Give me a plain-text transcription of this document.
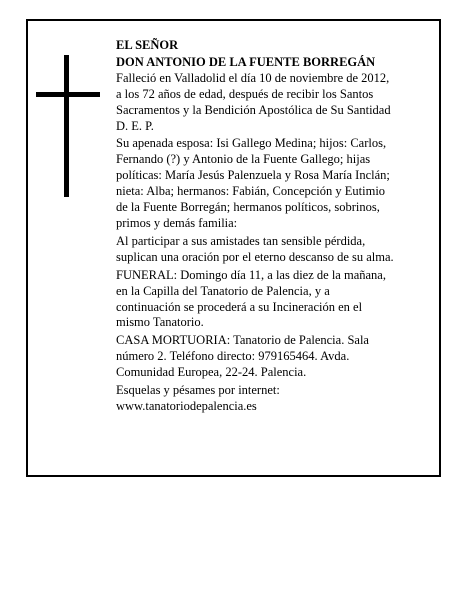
EL SEÑOR

DON ANTONIO DE LA FUENTE BORREGÁN

Falleció en Valladolid el día 10 de noviembre de 2012,
a los 72 años de edad, después de recibir los Santos
Sacramentos y la Bendición Apostólica de Su Santidad
D. E. P.

Su apenada esposa: Isi Gallego Medina; hijos: Carlos,
Fernando (?) y Antonio de la Fuente Gallego; hijas
políticas: María Jesús Palenzuela y Rosa María Inclán;
nieta: Alba; hermanos: Fabián, Concepción y Eutimio
de la Fuente Borregán; hermanos políticos, sobrinos,
primos y demás familia:

Al participar a sus amistades tan sensible pérdida,
suplican una oración por el eterno descanso de su alma.

FUNERAL: Domingo día 11, a las diez de la mañana,
en la Capilla del Tanatorio de Palencia, y a
continuación se procederá a su Incineración en el
mismo Tanatorio.

CASA MORTUORIA: Tanatorio de Palencia. Sala
número 2. Teléfono directo: 979165464. Avda.
Comunidad Europea, 22-24. Palencia.

Esquelas y pésames por internet:
www.tanatoriodepalencia.es
